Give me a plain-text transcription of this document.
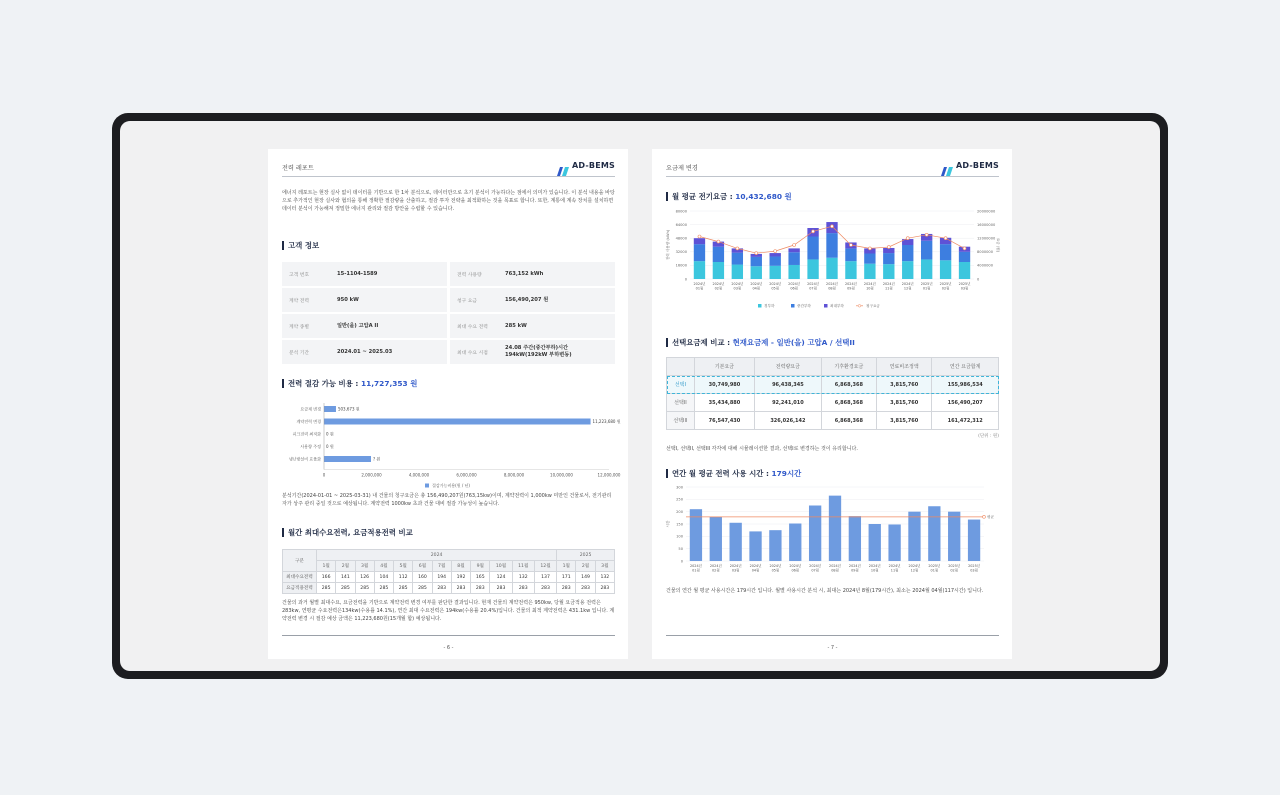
전력 레포트	AD-BEMS

에너지 레포트는 현장 실사 없이 데이터를 기반으로 한 1차 분석으로, 데이터만으로 초기 분석이 가능하다는 점에서 의미가 있습니다. 이 분석 내용을 바탕으로 추가적인 현장 실사와 협의을 통해 정확한 절감량을 산출하고, 절감 투자 전략을 최적화하는 것을 목표로 합니다. 또한, 계통에 계속 장치를 설치하면 데이터 분석이 가능해져 정밀한 에너지 관리와 절감 방안을 수립할 수 있습니다.

고객 정보
고객 번호	15-1104-1589	전력 사용량	763,152 kWh
계약 전력	950 kW	청구 요금	156,490,207 원
계약 종별	일반(을) 고압A II	최대 수요 전력	285 kW
분석 기간	2024.01 ~ 2025.03	최대 수요 시점
24.08 주간(중간부하)시간
194kW(192kW 부하변동)
전력 절감 가능 비용 : 11,727,353 원
요금제 변경	503,673 원
계약전력 변경	11,223,680 원
피크전력 최적화 0 원
사용량 주정 0 원
냉난방설비 효율화	? 원
0	2,000,000	4,000,000	6,000,000	8,000,000	10,000,000	12,000,000
절감가능비용(원 / 년)

분석기간(2024-01-01 ~ 2025-03-31) 내 건물의 청구요금은 총 156,490,207원(763,15kw)이며, 계약전력이 1,000kw 미만인 건물로서, 전기관리자가 상주 관리 중일 것으로 예상됩니다. 계약전력 1000kw 초과 건물 대비 절감 가능성이 높습니다.

월간 최대수요전력, 요금적용전력 비교
구분	2024												2025		
	1월	2월	3월	4월	5월	6월	7월	8월	9월	10월	11월	12월	1월	2월	3월
최대수요전력	166	141	126	104	112	160	194	192	165	124	132	137	171	149	132
요금적용전력	285	285	285	285	285	285	283	283	283	283	283	283	283	283	283

건물의 과거 월별 최대수요, 요금전력을 기반으로 계약전력 변경 여부를 판단한 결과입니다. 현재 건물의 계약전력은 950kw, 당월 요금적용 전력은 283kw, 연평균 수요전력은134kw(수용률 14.1%), 연간 최대 수요전력은 194kw(수용률 20.4%)입니다. 건물의 최적 계약전력은 431.1kw 입니다. 계약전력 변경 시 절감 예상 금액은 11,223,680원(15개월 합) 예상됩니다.

- 6 -
요금제 변경	AD-BEMS
월 평균 전기요금 : 10,432,680 원
0	0
16000	4000000
32000	8000000
48000	12000000
64000	16000000
80000	20000000
전력 사용량 (kWh)	요금 (원)
2024년
01월
2024년
02월
2024년
03월
2024년
04월
2024년
05월
2024년
06월
2024년
07월
2024년
08월
2024년
09월
2024년
10월
2024년
11월
2024년
12월
2025년
01월
2025년
02월
2025년
03월
경부하	중간부하	최대부하	청구요금
선택요금제 비교 : 현재요금제 - 일반(을) 고압A / 선택II
	기본요금	전력량요금	기후환경요금	연료비조정액	연간 요금합계
선택I	30,749,980	96,438,345	6,868,368	3,815,760	155,986,534
선택II	35,434,880	92,241,010	6,868,368	3,815,760	156,490,207
선택III	76,547,430	326,026,142	6,868,368	3,815,760	161,472,312
(단위 : 원)

선택I, 선택II, 선택III 각각에 대해 시뮬레이션한 결과, 선택I로 변경하는 것이 유리합니다.

연간 월 평균 전력 사용 시간 : 179시간
0
50
100
150
200
250
300
시간
2024년
01월
2024년
02월
2024년
03월
2024년
04월
2024년
05월
2024년
06월
2024년
07월
2024년
08월
2024년
09월
2024년
10월
2024년
11월
2024년
12월
2025년
01월
2025년
02월
2025년
03월
평균

건물의 연간 월 평균 사용시간은 179시간 입니다. 월별 사용시간 분석 시, 최대는 2024년 8월(179시간), 최소는 2024월 04월(117시간) 입니다.

- 7 -
